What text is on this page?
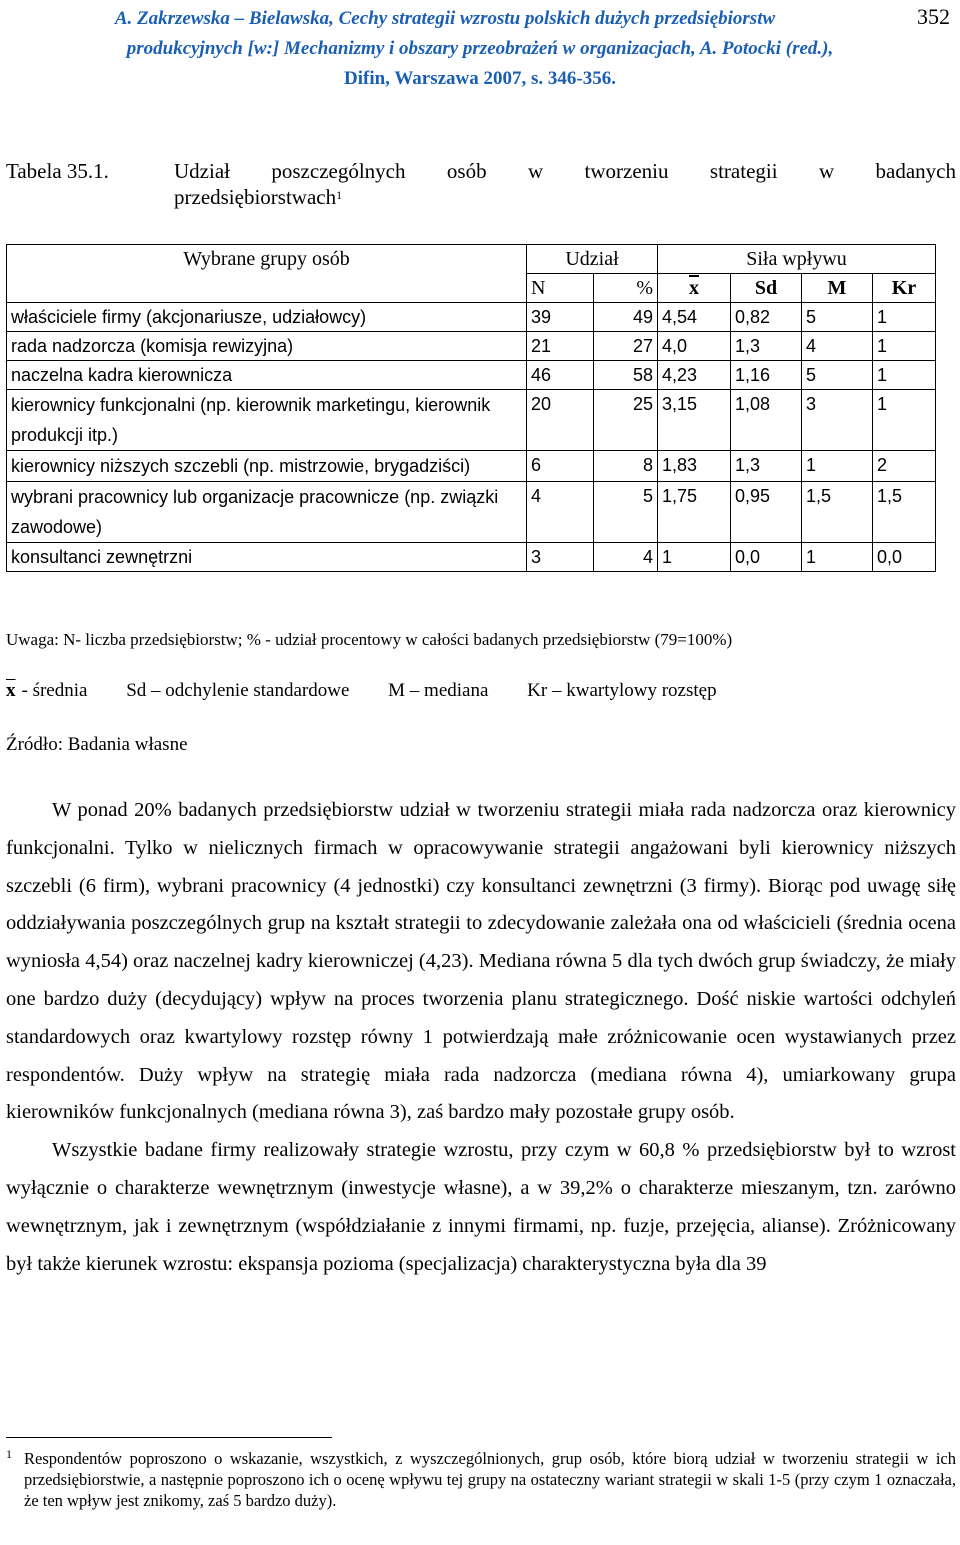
A. Zakrzewska – Bielawska, Cechy strategii wzrostu polskich dużych przedsiębiorstw
produkcyjnych [w:] Mechanizmy i obszary przeobrażeń w organizacjach, A. Potocki (red.),
Difin, Warszawa 2007, s. 346-356.
352
Tabela 35.1.	Udział poszczególnych osób w tworzeniu strategii w badanych
przedsiębiorstwach$^1$
Wybrane grupy osób	Udział		Siła wpływu			
	N	%	$\overline{x}$	Sd	M	Kr
właściciele firmy (akcjonariusze, udziałowcy)	39	49	4,54	0,82	5	1
rada nadzorcza (komisja rewizyjna)	21	27	4,0	1,3	4	1
naczelna kadra kierownicza	46	58	4,23	1,16	5	1
kierownicy funkcjonalni (np. kierownik marketingu, kierownik produkcji itp.)	20	25	3,15	1,08	3	1
kierownicy niższych szczebli (np. mistrzowie, brygadziści)	6	8	1,83	1,3	1	2
wybrani pracownicy lub organizacje pracownicze (np. związki zawodowe)	4	5	1,75	0,95	1,5	1,5
konsultanci zewnętrzni	3	4	1	0,0	1	0,0
Uwaga: N- liczba przedsiębiorstw; % - udział procentowy w całości badanych przedsiębiorstw (79=100%)
$\overline{x}$ - średnia Sd – odchylenie standardowe M – mediana Kr – kwartylowy rozstęp
Źródło: Badania własne

W ponad 20% badanych przedsiębiorstw udział w tworzeniu strategii miała rada nadzorcza oraz kierownicy funkcjonalni. Tylko w nielicznych firmach w opracowywanie strategii angażowani byli kierownicy niższych szczebli (6 firm), wybrani pracownicy (4 jednostki) czy konsultanci zewnętrzni (3 firmy). Biorąc pod uwagę siłę oddziaływania poszczególnych grup na kształt strategii to zdecydowanie zależała ona od właścicieli (średnia ocena wyniosła 4,54) oraz naczelnej kadry kierowniczej (4,23). Mediana równa 5 dla tych dwóch grup świadczy, że miały one bardzo duży (decydujący) wpływ na proces tworzenia planu strategicznego. Dość niskie wartości odchyleń standardowych oraz kwartylowy rozstęp równy 1 potwierdzają małe zróżnicowanie ocen wystawianych przez respondentów. Duży wpływ na strategię miała rada nadzorcza (mediana równa 4), umiarkowany grupa kierowników funkcjonalnych (mediana równa 3), zaś bardzo mały pozostałe grupy osób.

Wszystkie badane firmy realizowały strategie wzrostu, przy czym w 60,8 % przedsiębiorstw był to wzrost wyłącznie o charakterze wewnętrznym (inwestycje własne), a w 39,2% o charakterze mieszanym, tzn. zarówno wewnętrznym, jak i zewnętrznym (współdziałanie z innymi firmami, np. fuzje, przejęcia, alianse). Zróżnicowany był także kierunek wzrostu: ekspansja pozioma (specjalizacja) charakterystyczna była dla 39

1 Respondentów poproszono o wskazanie, wszystkich, z wyszczególnionych, grup osób, które biorą udział w tworzeniu strategii w ich przedsiębiorstwie, a następnie poproszono ich o ocenę wpływu tej grupy na ostateczny wariant strategii w skali 1-5 (przy czym 1 oznaczała, że ten wpływ jest znikomy, zaś 5 bardzo duży).
